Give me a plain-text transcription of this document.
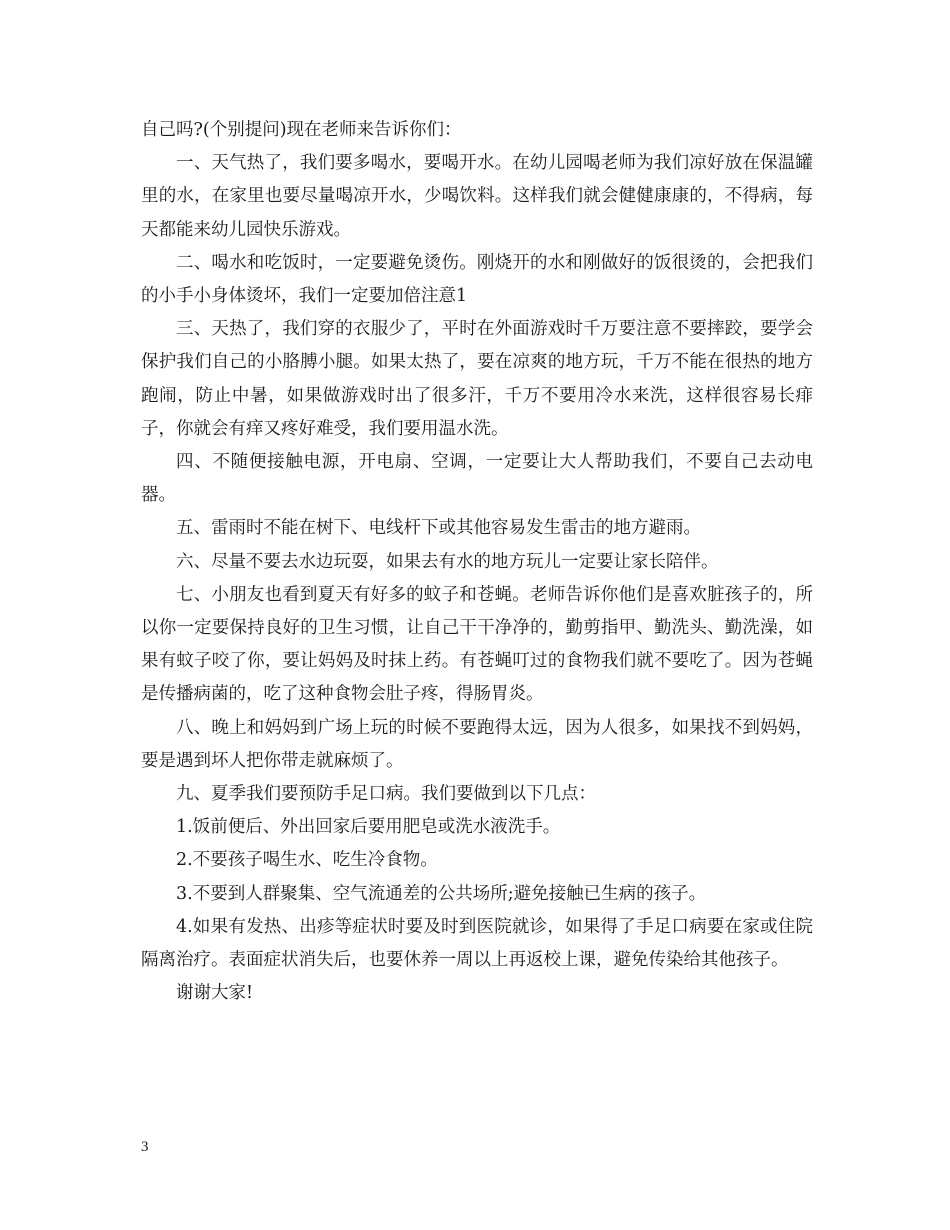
自己吗?(个别提问)现在老师来告诉你们：

一、天气热了，我们要多喝水，要喝开水。在幼儿园喝老师为我们凉好放在保温罐里的水，在家里也要尽量喝凉开水，少喝饮料。这样我们就会健健康康的，不得病，每天都能来幼儿园快乐游戏。

二、喝水和吃饭时，一定要避免烫伤。刚烧开的水和刚做好的饭很烫的，会把我们的小手小身体烫坏，我们一定要加倍注意1

三、天热了，我们穿的衣服少了，平时在外面游戏时千万要注意不要摔跤，要学会保护我们自己的小胳膊小腿。如果太热了，要在凉爽的地方玩，千万不能在很热的地方跑闹，防止中暑，如果做游戏时出了很多汗，千万不要用冷水来洗，这样很容易长痱子，你就会有痒又疼好难受，我们要用温水洗。

四、不随便接触电源，开电扇、空调，一定要让大人帮助我们，不要自己去动电器。

五、雷雨时不能在树下、电线杆下或其他容易发生雷击的地方避雨。

六、尽量不要去水边玩耍，如果去有水的地方玩儿一定要让家长陪伴。

七、小朋友也看到夏天有好多的蚊子和苍蝇。老师告诉你他们是喜欢脏孩子的，所以你一定要保持良好的卫生习惯，让自己干干净净的，勤剪指甲、勤洗头、勤洗澡，如果有蚊子咬了你，要让妈妈及时抹上药。有苍蝇叮过的食物我们就不要吃了。因为苍蝇是传播病菌的，吃了这种食物会肚子疼，得肠胃炎。

八、晚上和妈妈到广场上玩的时候不要跑得太远，因为人很多，如果找不到妈妈，要是遇到坏人把你带走就麻烦了。

九、夏季我们要预防手足口病。我们要做到以下几点：

1.饭前便后、外出回家后要用肥皂或洗水液洗手。

2.不要孩子喝生水、吃生冷食物。

3.不要到人群聚集、空气流通差的公共场所;避免接触已生病的孩子。

4.如果有发热、出疹等症状时要及时到医院就诊，如果得了手足口病要在家或住院隔离治疗。表面症状消失后，也要休养一周以上再返校上课，避免传染给其他孩子。

谢谢大家!

3
